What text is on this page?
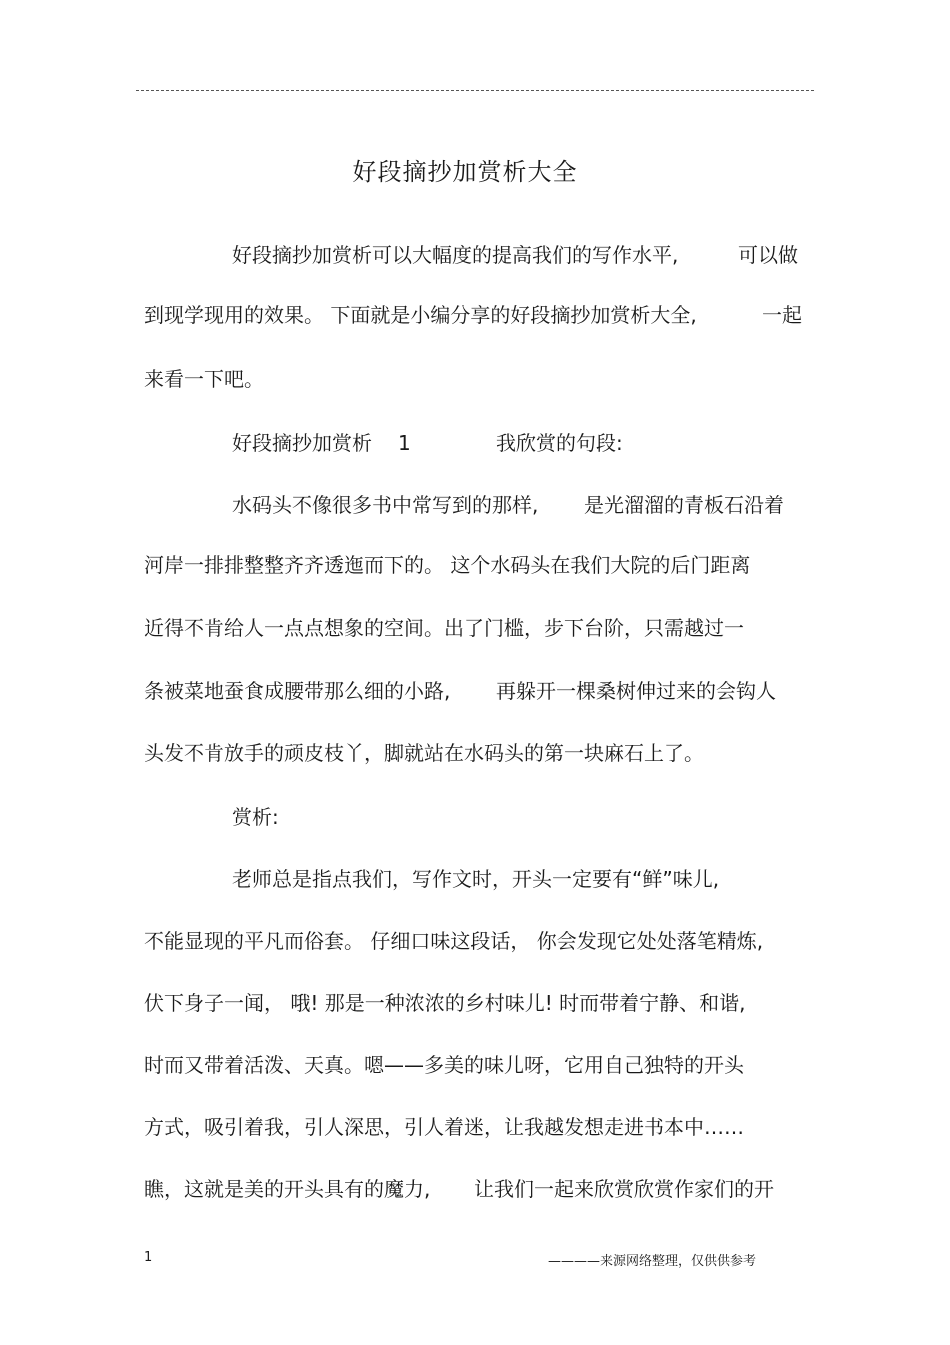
好段摘抄加赏析大全
好段摘抄加赏析可以大幅度的提高我们的写作水平,	可以做
到现学现用的效果。 下面就是小编分享的好段摘抄加赏析大全,	一起
来看一下吧。
好段摘抄加赏析 1	我欣赏的句段:
水码头不像很多书中常写到的那样, 是光溜溜的青板石沿着
河岸一排排整整齐齐透迤而下的。 这个水码头在我们大院的后门距离
近得不肯给人一点点想象的空间。出了门槛，步下台阶，只需越过一
条被菜地蚕食成腰带那么细的小路, 再躲开一棵桑树伸过来的会钩人
头发不肯放手的顽皮枝丫，脚就站在水码头的第一块麻石上了。
赏析:
老师总是指点我们，写作文时，开头一定要有“鲜”味儿,
不能显现的平凡而俗套。 仔细口味这段话， 你会发现它处处落笔精炼,
伏下身子一闻， 哦! 那是一种浓浓的乡村味儿! 时而带着宁静、和谐,
时而又带着活泼、天真。嗯——多美的味儿呀，它用自己独特的开头
方式，吸引着我，引人深思，引人着迷，让我越发想走进书本中……
瞧，这就是美的开头具有的魔力, 让我们一起来欣赏欣赏作家们的开
1	————来源网络整理，仅供供参考
